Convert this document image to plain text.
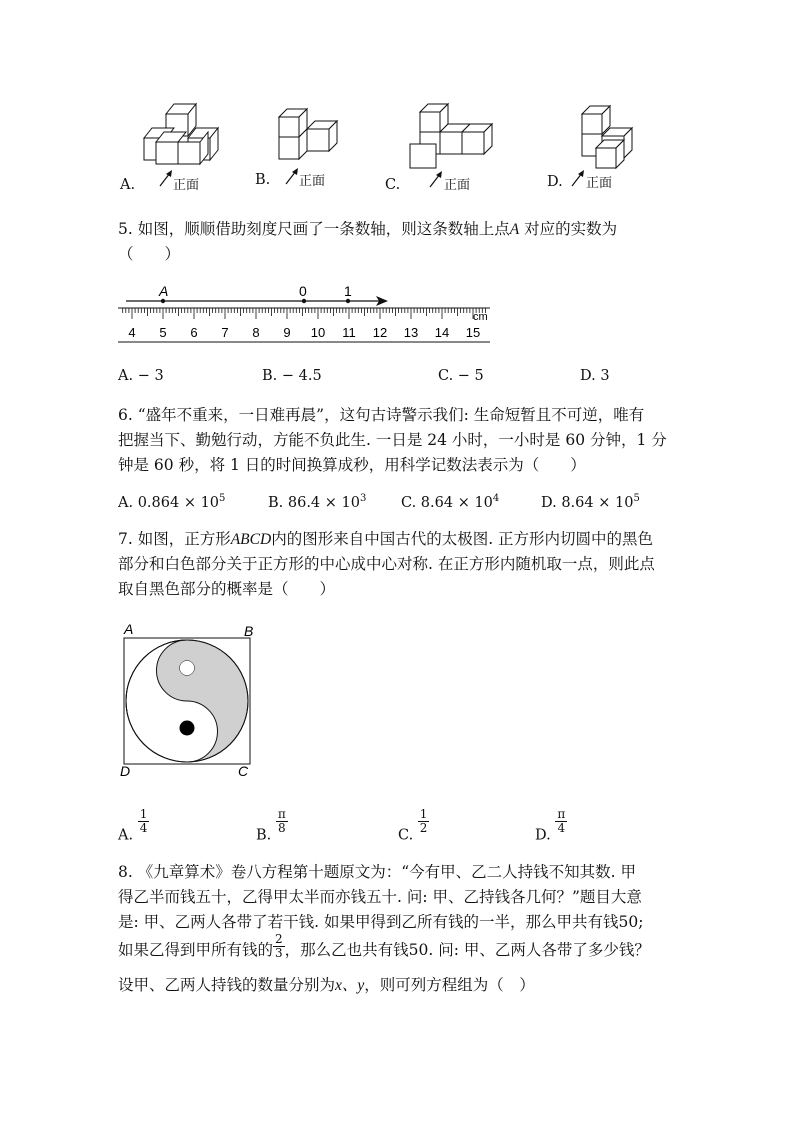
A.	正面	B. 正面	C.	正面	D. 正面
5. 如图，顺顺借助刻度尺画了一条数轴，则这条数轴上点A 对应的实数为
（　　）
A	0	1
cm
4 5 6 7 8 9 10 11 12 13 14 15
A. − 3	B. − 4.5	C. − 5	D. 3
6. “盛年不重来，一日难再晨”，这句古诗警示我们: 生命短暂且不可逆，唯有
把握当下、勤勉行动，方能不负此生. 一日是 24 小时，一小时是 60 分钟，1 分
钟是 60 秒，将 1 日的时间换算成秒，用科学记数法表示为（　　）
A. $0.864 \times 10^5$	B. $86.4 \times 10^3$ C. $8.64 \times 10^4$	D. $8.64 \times 10^5$
7. 如图，正方形ABCD内的图形来自中国古代的太极图. 正方形内切圆中的黑色
部分和白色部分关于正方形的中心成中心对称. 在正方形内随机取一点，则此点
取自黑色部分的概率是（　　）
A	B
C
D
A.
$\frac{1}{4}$
B.
$\frac{\pi}{8}$
C.
$\frac{1}{2}$
D.
$\frac{\pi}{4}$
8. 《九章算术》卷八方程第十题原文为：“今有甲、乙二人持钱不知其数. 甲
得乙半而钱五十，乙得甲太半而亦钱五十. 问: 甲、乙持钱各几何？”题目大意
是: 甲、乙两人各带了若干钱. 如果甲得到乙所有钱的一半，那么甲共有钱50;
如果乙得到甲所有钱的 $\frac{2}{3}$ ，那么乙也共有钱50. 问: 甲、乙两人各带了多少钱？
设甲、乙两人持钱的数量分别为x、y，则可列方程组为（　）
